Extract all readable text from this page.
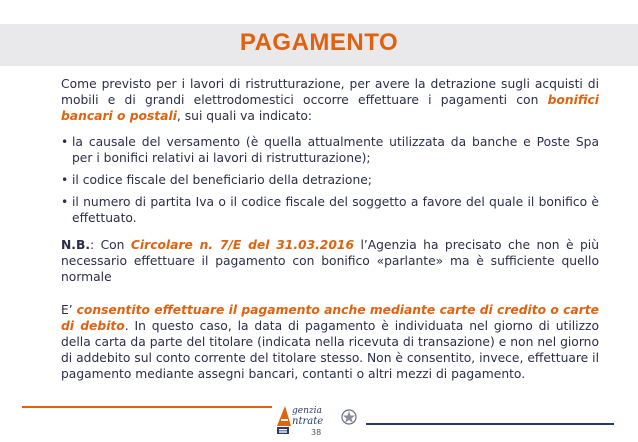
PAGAMENTO

Come previsto per i lavori di ristrutturazione, per avere la detrazione sugli acquisti di mobili e di grandi elettrodomestici occorre effettuare i pagamenti con bonifici bancari o postali, sui quali va indicato:

• la causale del versamento (è quella attualmente utilizzata da banche e Poste Spa per i bonifici relativi ai lavori di ristrutturazione);
• il codice fiscale del beneficiario della detrazione;
• il numero di partita Iva o il codice fiscale del soggetto a favore del quale il bonifico è effettuato.

N.B.: Con Circolare n. 7/E del 31.03.2016 l’Agenzia ha precisato che non è più necessario effettuare il pagamento con bonifico «parlante» ma è sufficiente quello normale

E’ consentito effettuare il pagamento anche mediante carte di credito o carte di debito. In questo caso, la data di pagamento è individuata nel giorno di utilizzo della carta da parte del titolare (indicata nella ricevuta di transazione) e non nel giorno di addebito sul conto corrente del titolare stesso. Non è consentito, invece, effettuare il pagamento mediante assegni bancari, contanti o altri mezzi di pagamento.

genzia
ntrate
38
